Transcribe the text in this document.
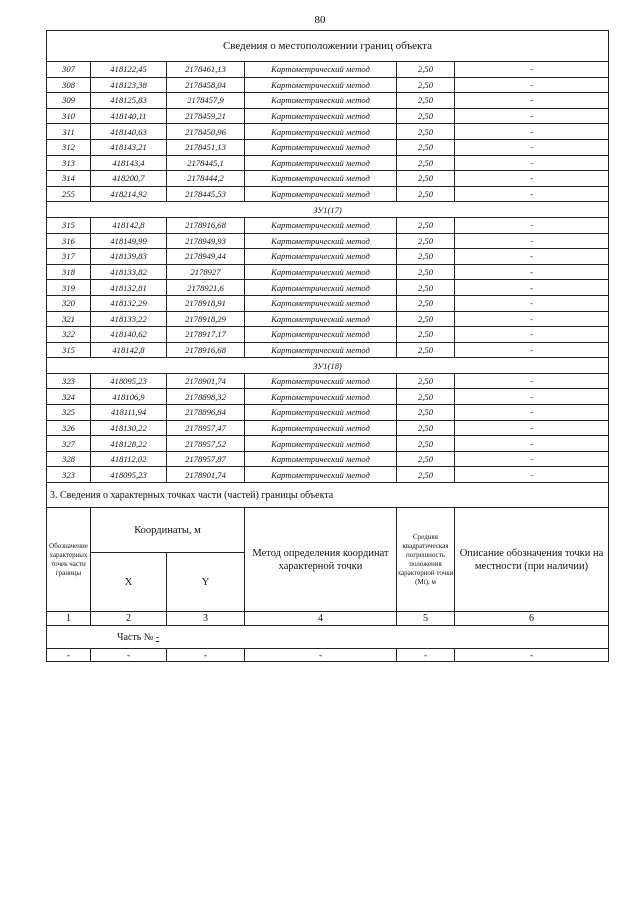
80
Сведения о местоположении границ объекта					
307	418122,45	2178461,13	Картометрический метод	2,50	-
308	418123,38	2178458,04	Картометрический метод	2,50	-
309	418125,83	2178457,9	Картометрический метод	2,50	-
310	418140,11	2178459,21	Картометрический метод	2,50	-
311	418140,63	2178450,96	Картометрический метод	2,50	-
312	418143,21	2178451,13	Картометрический метод	2,50	-
313	418143,4	2178445,1	Картометрический метод	2,50	-
314	418200,7	2178444,2	Картометрический метод	2,50	-
255	418214,92	2178445,53	Картометрический метод	2,50	-
ЗУ1(17)					
315	418142,8	2178916,68	Картометрический метод	2,50	-
316	418149,99	2178949,93	Картометрический метод	2,50	-
317	418139,83	2178949,44	Картометрический метод	2,50	-
318	418133,82	2178927	Картометрический метод	2,50	-
319	418132,81	2178921,6	Картометрический метод	2,50	-
320	418132,29	2178918,91	Картометрический метод	2,50	-
321	418133,22	2178918,29	Картометрический метод	2,50	-
322	418140,62	2178917,17	Картометрический метод	2,50	-
315	418142,8	2178916,68	Картометрический метод	2,50	-
ЗУ1(18)					
323	418095,23	2178901,74	Картометрический метод	2,50	-
324	418106,9	2178898,32	Картометрический метод	2,50	-
325	418111,94	2178896,84	Картометрический метод	2,50	-
326	418130,22	2178957,47	Картометрический метод	2,50	-
327	418128,22	2178957,52	Картометрический метод	2,50	-
328	418112,02	2178957,87	Картометрический метод	2,50	-
323	418095,23	2178901,74	Картометрический метод	2,50	-
3. Сведения о характерных точках части (частей) границы объекта					
Обозначение характерных точек части границы	Координаты, м		Метод определения координат характерной точки	Средняя квадратическая погрешность положения характерной точки (Mt), м	Описание обозначения точки на местности (при наличии)
	X	Y			
1	2	3	4	5	6
Часть № -					
-	-	-	-	-	-
